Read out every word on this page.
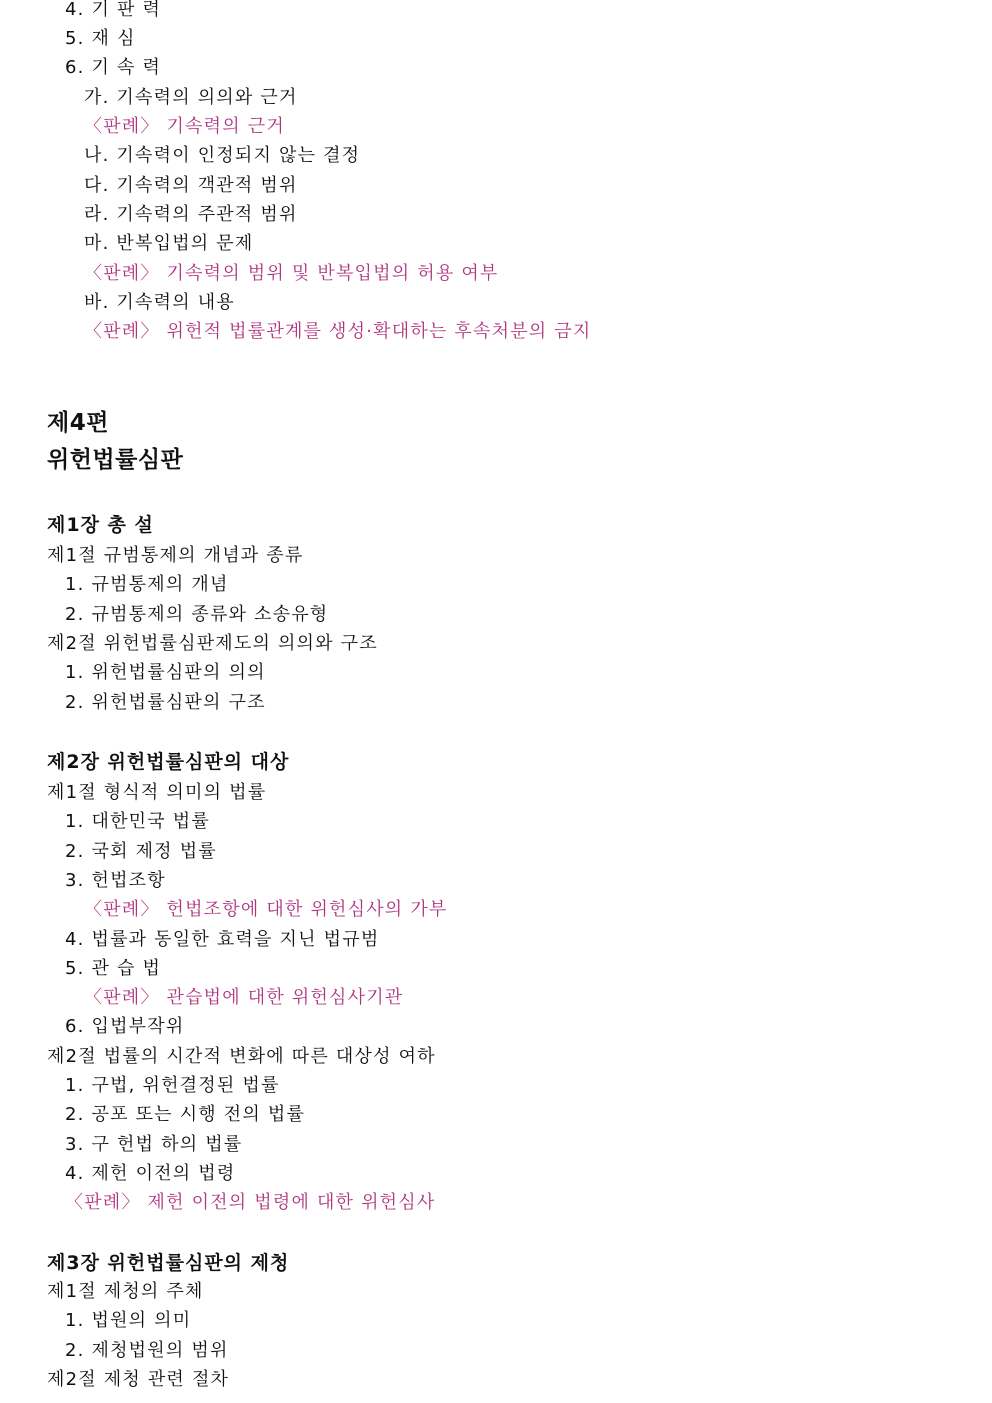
4. 기 판 력
5. 재 심
6. 기 속 력
가. 기속력의 의의와 근거
〈판례〉 기속력의 근거
나. 기속력이 인정되지 않는 결정
다. 기속력의 객관적 범위
라. 기속력의 주관적 범위
마. 반복입법의 문제
〈판례〉 기속력의 범위 및 반복입법의 허용 여부
바. 기속력의 내용
〈판례〉 위헌적 법률관계를 생성·확대하는 후속처분의 금지
제4편
위헌법률심판
제1장 총 설
제1절 규범통제의 개념과 종류
1. 규범통제의 개념
2. 규범통제의 종류와 소송유형
제2절 위헌법률심판제도의 의의와 구조
1. 위헌법률심판의 의의
2. 위헌법률심판의 구조
제2장 위헌법률심판의 대상
제1절 형식적 의미의 법률
1. 대한민국 법률
2. 국회 제정 법률
3. 헌법조항
〈판례〉 헌법조항에 대한 위헌심사의 가부
4. 법률과 동일한 효력을 지닌 법규범
5. 관 습 법
〈판례〉 관습법에 대한 위헌심사기관
6. 입법부작위
제2절 법률의 시간적 변화에 따른 대상성 여하
1. 구법, 위헌결정된 법률
2. 공포 또는 시행 전의 법률
3. 구 헌법 하의 법률
4. 제헌 이전의 법령
〈판례〉 제헌 이전의 법령에 대한 위헌심사
제3장 위헌법률심판의 제청
제1절 제청의 주체
1. 법원의 의미
2. 제청법원의 범위
제2절 제청 관련 절차
